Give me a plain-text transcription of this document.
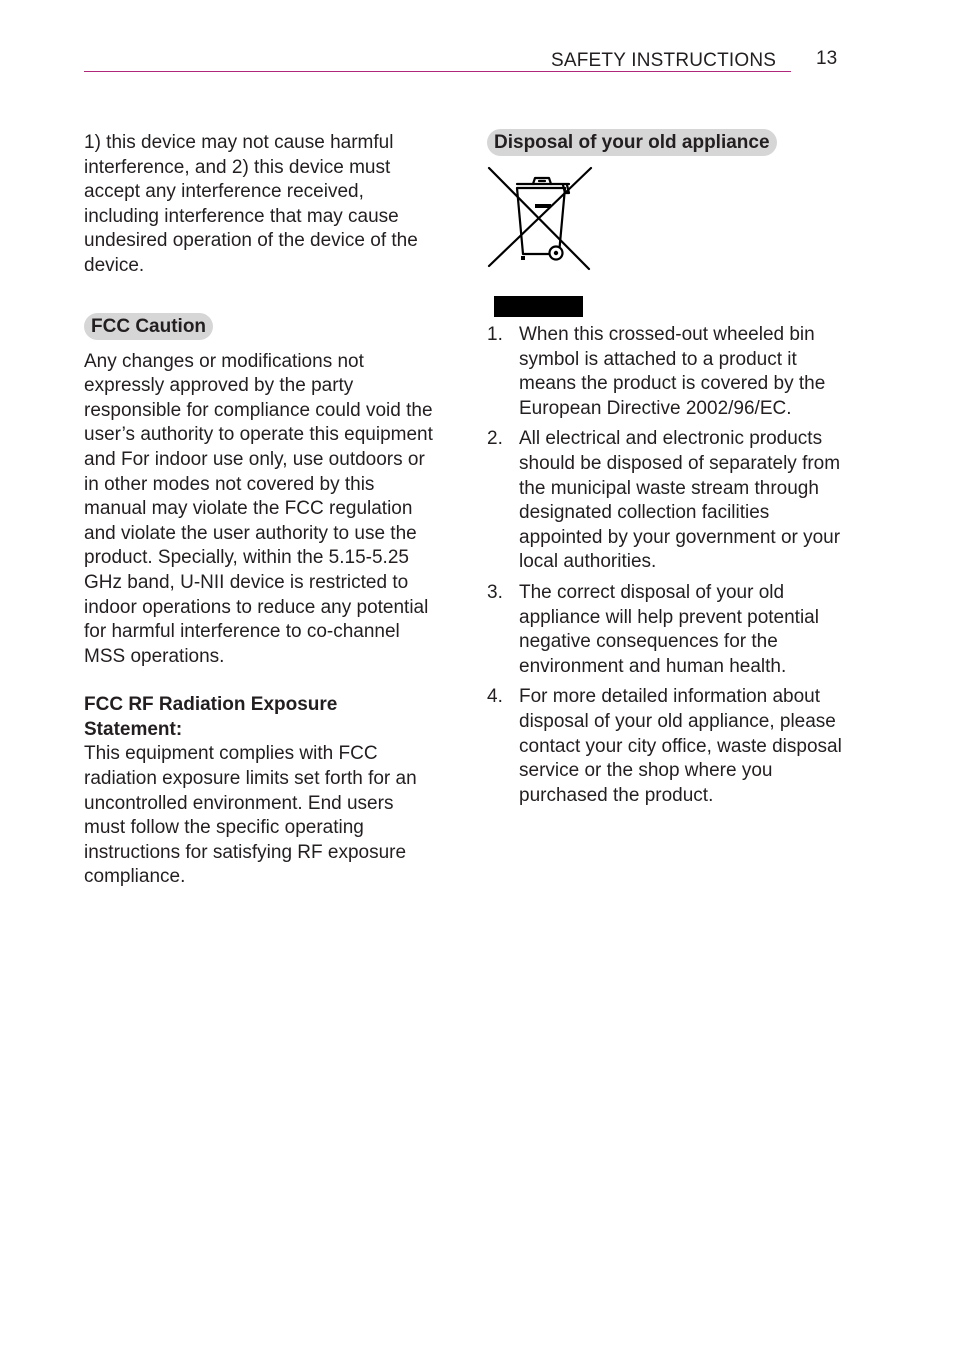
SAFETY INSTRUCTIONS 13

1) this device may not cause harmful interference, and 2) this device must accept any interference received, including interference that may cause undesired operation of the device of the device.

FCC Caution

Any changes or modifications not expressly approved by the party responsible for compliance could void the user’s authority to operate this equipment and For indoor use only, use outdoors or in other modes not covered by this manual may violate the FCC regulation and violate the user authority to use the product. Specially, within the 5.15-5.25 GHz band, U-NII device is restricted to indoor operations to reduce any potential for harmful interference to co-channel MSS operations.

FCC RF Radiation Exposure Statement:

This equipment complies with FCC radiation exposure limits set forth for an uncontrolled environment. End users must follow the specific operating instructions for satisfying RF exposure compliance.

Disposal of your old appliance
1. When this crossed-out wheeled bin symbol is attached to a product it means the product is covered by the European Directive 2002/96/EC.
2. All electrical and electronic products should be disposed of separately from the municipal waste stream through designated collection facilities appointed by your government or your local authorities.
3. The correct disposal of your old appliance will help prevent potential negative consequences for the environment and human health.
4. For more detailed information about disposal of your old appliance, please contact your city office, waste disposal service or the shop where you purchased the product.
